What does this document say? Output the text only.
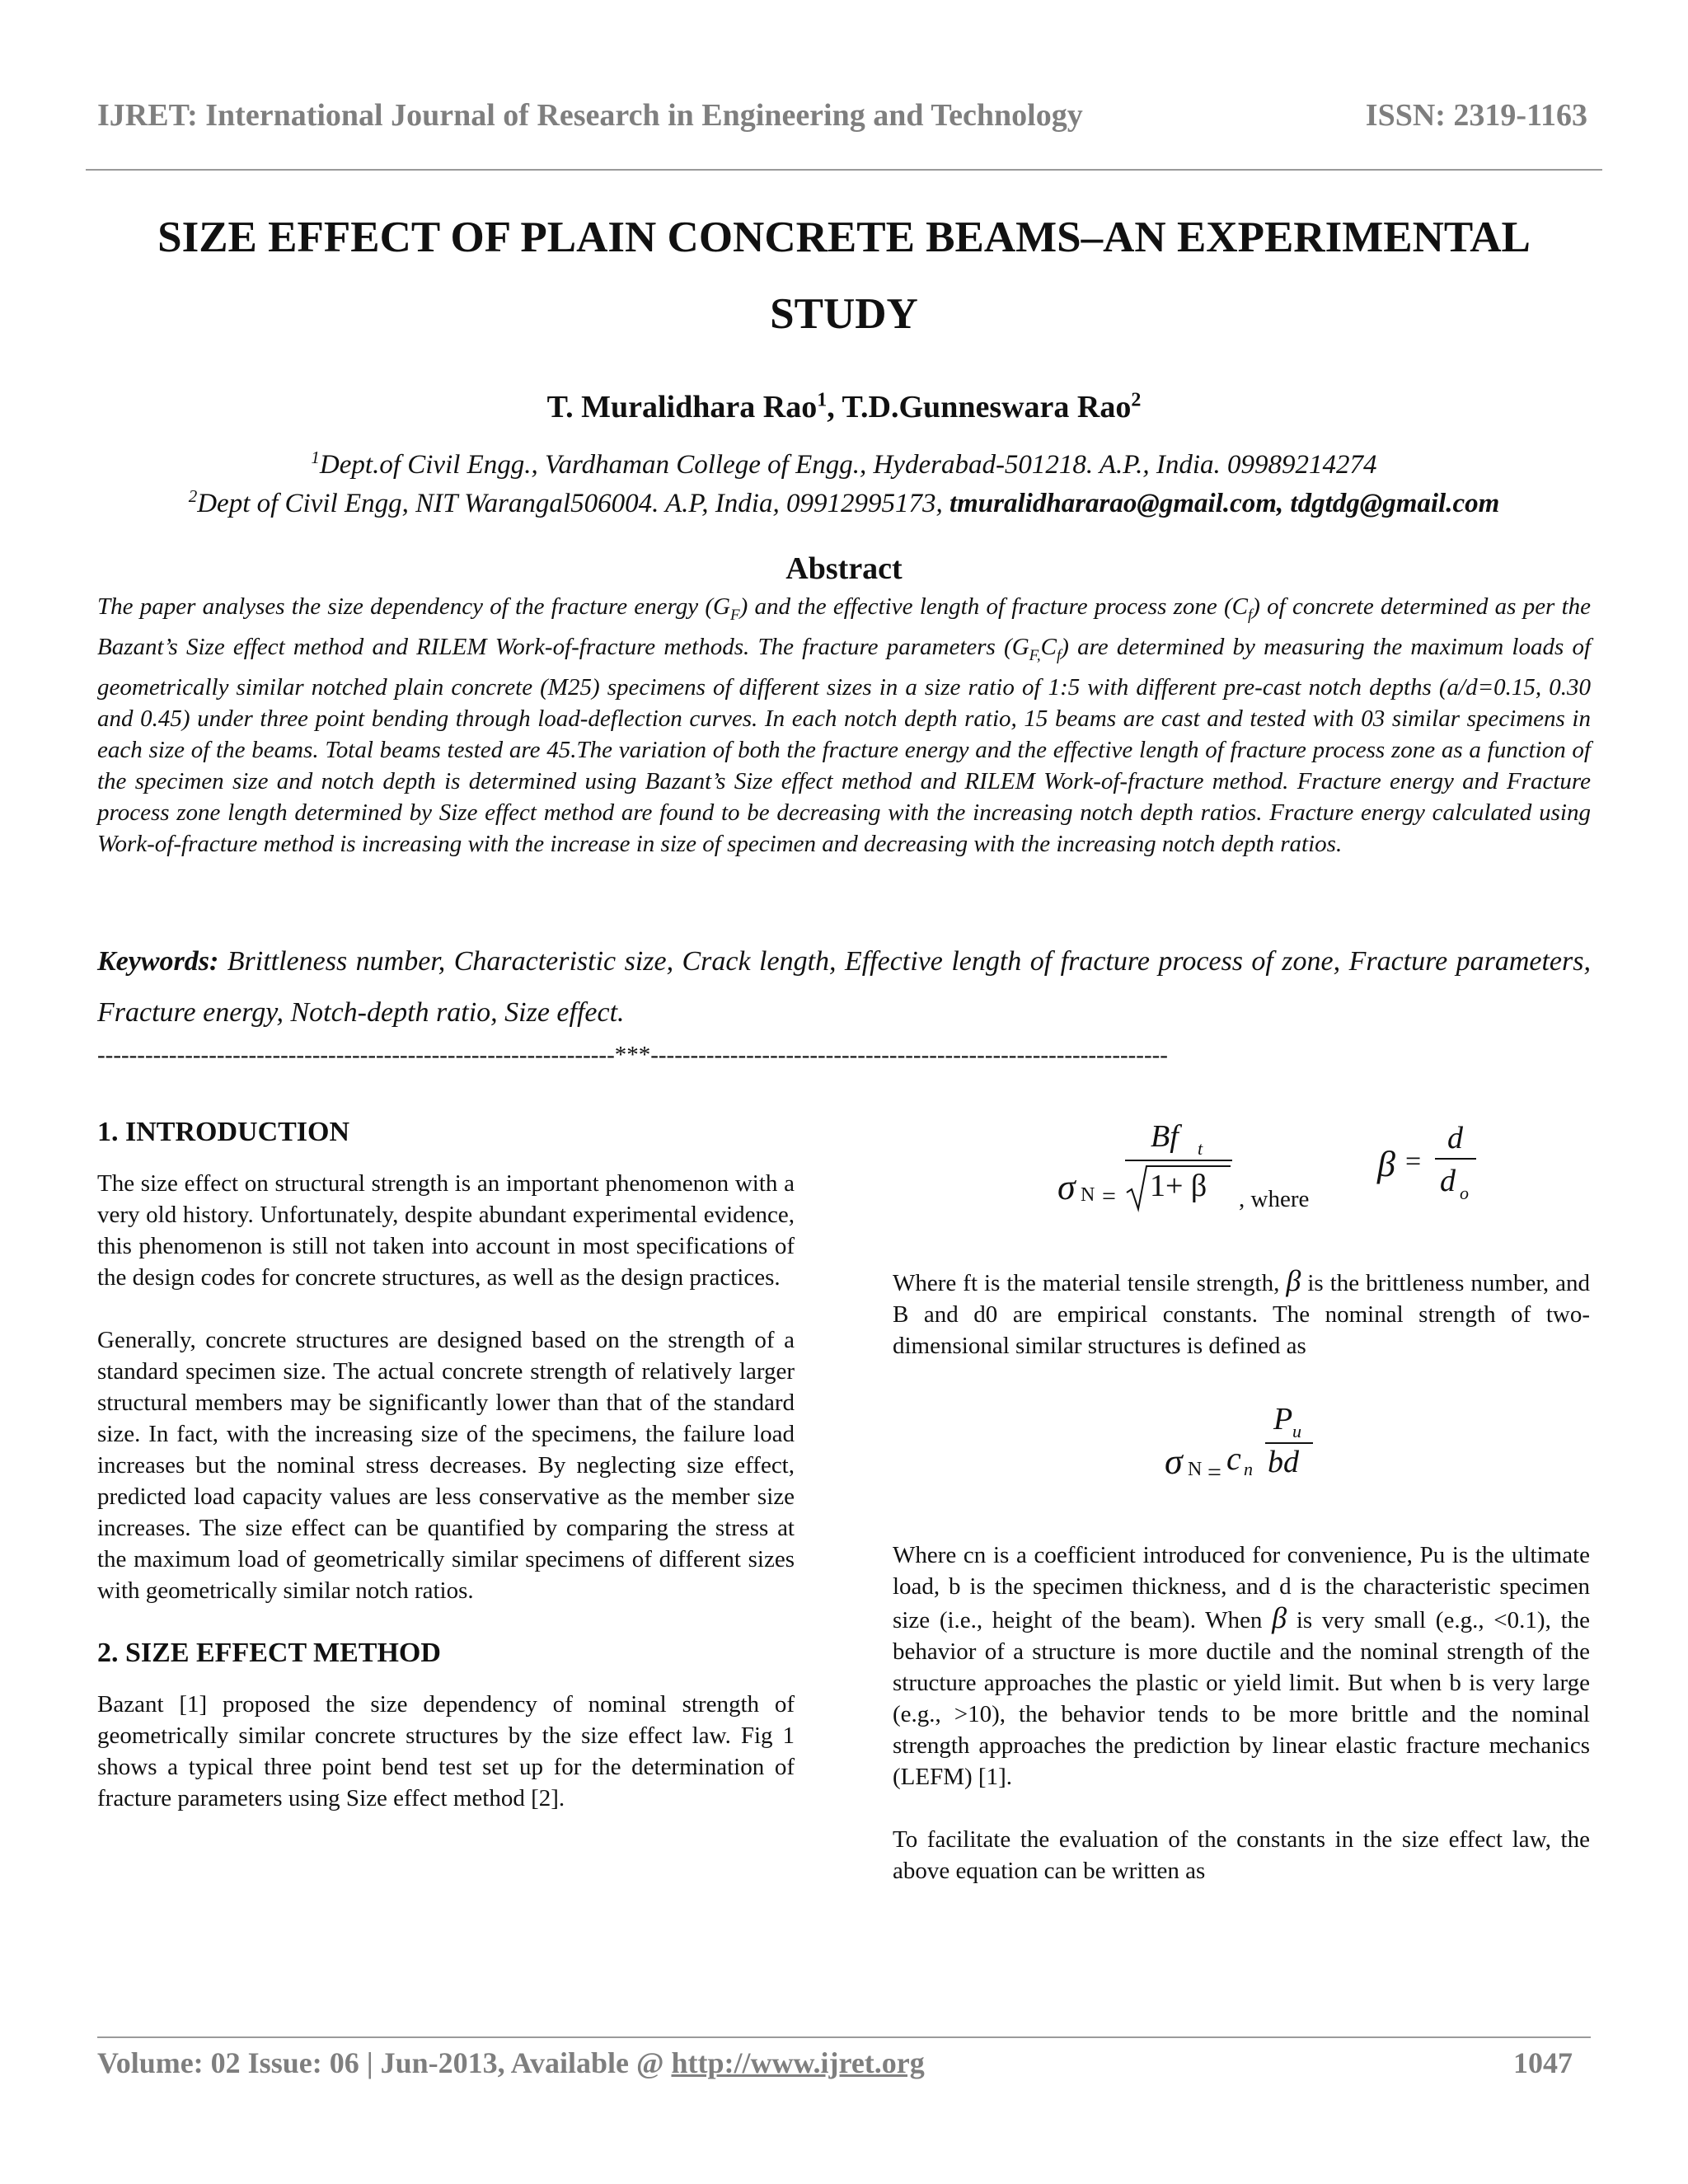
IJRET: International Journal of Research in Engineering and Technology	ISSN: 2319-1163
SIZE EFFECT OF PLAIN CONCRETE BEAMS–AN EXPERIMENTAL STUDY
T. Muralidhara Rao$^1$, T.D.Gunneswara Rao$^2$
$^1$Dept.of Civil Engg., Vardhaman College of Engg., Hyderabad-501218. A.P., India. 09989214274
$^2$Dept of Civil Engg, NIT Warangal506004. A.P, India, 09912995173, tmuralidhararao@gmail.com, tdgtdg@gmail.com
Abstract
The paper analyses the size dependency of the fracture energy $(G_F)$ and the effective length of fracture process zone $(C_f)$ of concrete determined as per the Bazant’s Size effect method and RILEM Work-of-fracture methods. The fracture parameters $(G_{F,}C_f)$ are determined by measuring the maximum loads of geometrically similar notched plain concrete (M25) specimens of different sizes in a size ratio of 1:5 with different pre-cast notch depths (a/d=0.15, 0.30 and 0.45) under three point bending through load-deflection curves. In each notch depth ratio, 15 beams are cast and tested with 03 similar specimens in each size of the beams. Total beams tested are 45.The variation of both the fracture energy and the effective length of fracture process zone as a function of the specimen size and notch depth is determined using Bazant’s Size effect method and RILEM Work-of-fracture method. Fracture energy and Fracture process zone length determined by Size effect method are found to be decreasing with the increasing notch depth ratios. Fracture energy calculated using Work-of-fracture method is increasing with the increase in size of specimen and decreasing with the increasing notch depth ratios.
Keywords: Brittleness number, Characteristic size, Crack length, Effective length of fracture process of zone, Fracture parameters, Fracture energy, Notch-depth ratio, Size effect.
-----------------------------------------------------------------***-----------------------------------------------------------------
1. INTRODUCTION
The size effect on structural strength is an important phenomenon with a very old history. Unfortunately, despite abundant experimental evidence, this phenomenon is still not taken into account in most specifications of the design codes for concrete structures, as well as the design practices.
Generally, concrete structures are designed based on the strength of a standard specimen size. The actual concrete strength of relatively larger structural members may be significantly lower than that of the standard size. In fact, with the increasing size of the specimens, the failure load increases but the nominal stress decreases. By neglecting size effect, predicted load capacity values are less conservative as the member size increases. The size effect can be quantified by comparing the stress at the maximum load of geometrically similar specimens of different sizes with geometrically similar notch ratios.
2. SIZE EFFECT METHOD
Bazant [1] proposed the size dependency of nominal strength of geometrically similar concrete structures by the size effect law. Fig 1 shows a typical three point bend test set up for the determination of fracture parameters using Size effect method [2].
σ N =
Bf t
1+ β , where
β =
d
d o
Where ft is the material tensile strength, β is the brittleness number, and B and d0 are empirical constants. The nominal strength of two-dimensional similar structures is defined as
σ N = c n
P u
bd
Where cn is a coefficient introduced for convenience, Pu is the ultimate load, b is the specimen thickness, and d is the characteristic specimen size (i.e., height of the beam). When β is very small (e.g., <0.1), the behavior of a structure is more ductile and the nominal strength of the structure approaches the plastic or yield limit. But when b is very large (e.g., >10), the behavior tends to be more brittle and the nominal strength approaches the prediction by linear elastic fracture mechanics (LEFM) [1].
To facilitate the evaluation of the constants in the size effect law, the above equation can be written as
Volume: 02 Issue: 06 | Jun-2013, Available @ http://www.ijret.org	1047
